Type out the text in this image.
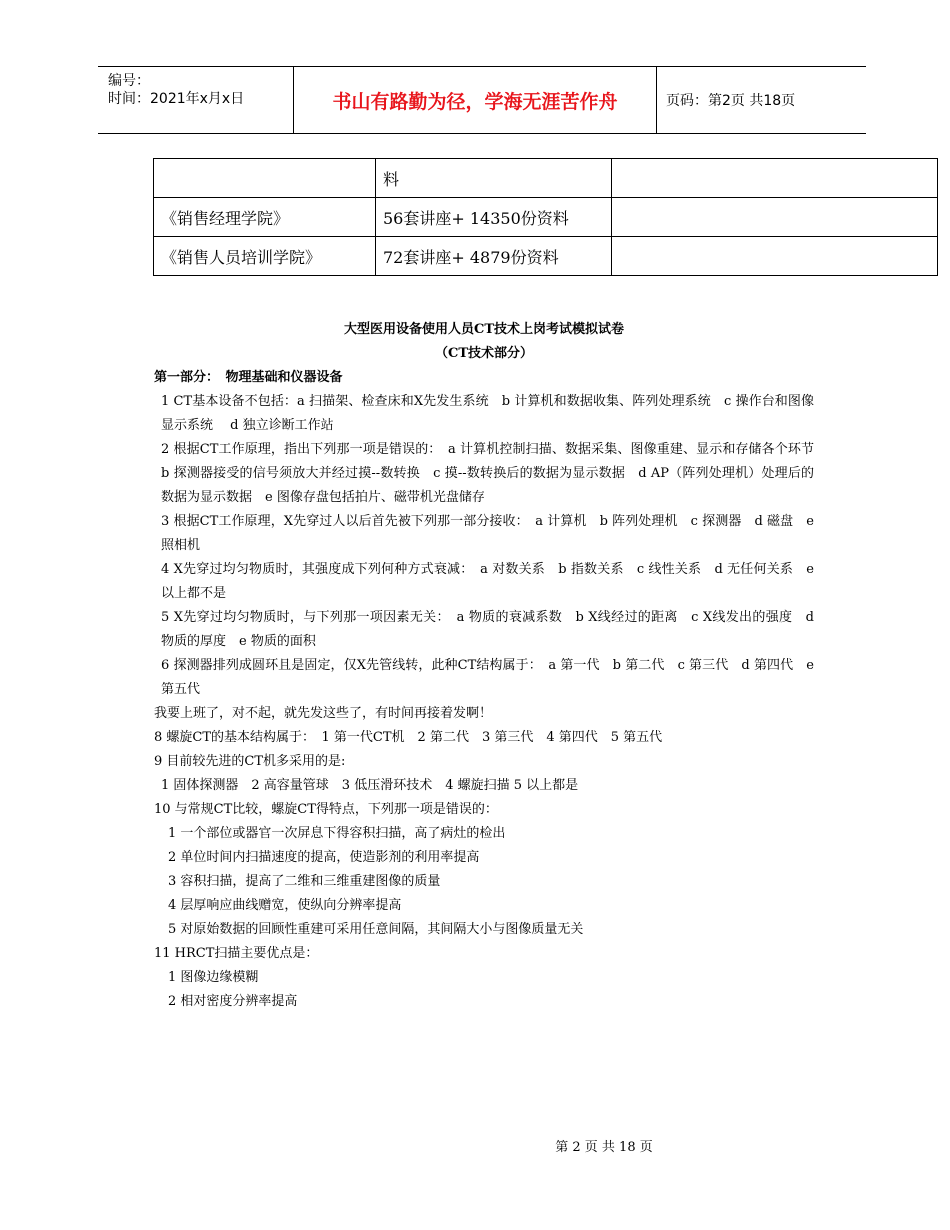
编号：
时间：2021年x月x日	书山有路勤为径，学海无涯苦作舟	页码：第2页 共18页
	料	
《销售经理学院》	56套讲座+ 14350份资料	
《销售人员培训学院》	72套讲座+ 4879份资料	

大型医用设备使用人员CT技术上岗考试模拟试卷

（CT技术部分）

第一部分：　物理基础和仪器设备

1 CT基本设备不包括：a 扫描架、检查床和X先发生系统　b 计算机和数据收集、阵列处理系统　c 操作台和图像显示系统　 d 独立诊断工作站

2 根据CT工作原理，指出下列那一项是错误的：　a 计算机控制扫描、数据采集、图像重建、显示和存储各个环节　b 探测器接受的信号须放大并经过摸--数转换　c 摸--数转换后的数据为显示数据　d AP（阵列处理机）处理后的数据为显示数据　e 图像存盘包括拍片、磁带机光盘储存

3 根据CT工作原理，X先穿过人以后首先被下列那一部分接收：　a 计算机　b 阵列处理机　c 探测器　d 磁盘　e 照相机

4 X先穿过均匀物质时，其强度成下列何种方式衰减：　a 对数关系　b 指数关系　c 线性关系　d 无任何关系　e 以上都不是

5 X先穿过均匀物质时，与下列那一项因素无关：　a 物质的衰减系数　b X线经过的距离　c X线发出的强度　d 物质的厚度　e 物质的面积

6 探测器排列成圆环且是固定，仅X先管线转，此种CT结构属于：　a 第一代　b 第二代　c 第三代　d 第四代　e 第五代

我要上班了，对不起，就先发这些了，有时间再接着发啊！

8 螺旋CT的基本结构属于：　1 第一代CT机　2 第二代　3 第三代　4 第四代　5 第五代

9 目前较先进的CT机多采用的是:

1 固体探测器　2 高容量管球　3 低压滑环技术　4 螺旋扫描 5 以上都是

10 与常规CT比较，螺旋CT得特点，下列那一项是错误的：

1 一个部位或器官一次屏息下得容积扫描，高了病灶的检出

2 单位时间内扫描速度的提高，使造影剂的利用率提高

3 容积扫描，提高了二维和三维重建图像的质量

4 层厚响应曲线赠宽，使纵向分辨率提高

5 对原始数据的回顾性重建可采用任意间隔，其间隔大小与图像质量无关

11 HRCT扫描主要优点是：

1 图像边缘模糊

2 相对密度分辨率提高

第 2 页 共 18 页
